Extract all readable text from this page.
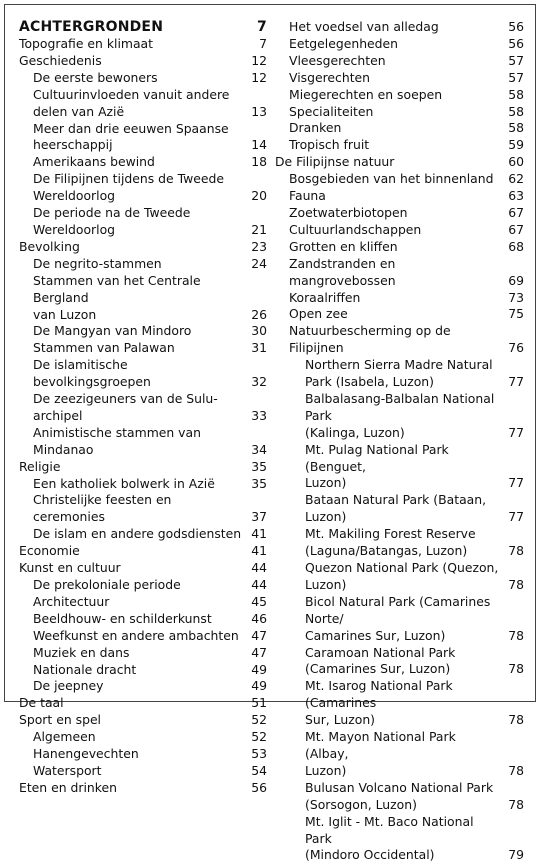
ACHTERGRONDEN	7
Topografie en klimaat	7
Geschiedenis	12
De eerste bewoners	12
Cultuurinvloeden vanuit andere
delen van Azië	13
Meer dan drie eeuwen Spaanse
heerschappij	14
Amerikaans bewind	18
De Filipijnen tijdens de Tweede
Wereldoorlog	20
De periode na de Tweede
Wereldoorlog	21
Bevolking	23
De negrito-stammen	24
Stammen van het Centrale Bergland
van Luzon	26
De Mangyan van Mindoro	30
Stammen van Palawan	31
De islamitische bevolkingsgroepen	32
De zeezigeuners van de Sulu-archipel	33
Animistische stammen van Mindanao	34
Religie	35
Een katholiek bolwerk in Azië	35
Christelijke feesten en ceremonies	37
De islam en andere godsdiensten 41
Economie	41
Kunst en cultuur	44
De prekoloniale periode	44
Architectuur	45
Beeldhouw- en schilderkunst	46
Weefkunst en andere ambachten	47
Muziek en dans	47
Nationale dracht	49
De jeepney	49
De taal	51
Sport en spel	52
Algemeen	52
Hanengevechten	53
Watersport	54
Eten en drinken	56
Het voedsel van alledag	56
Eetgelegenheden	56
Vleesgerechten	57
Visgerechten	57
Miegerechten en soepen	58
Specialiteiten	58
Dranken	58
Tropisch fruit	59
De Filipijnse natuur	60
Bosgebieden van het binnenland	62
Fauna	63
Zoetwaterbiotopen	67
Cultuurlandschappen	67
Grotten en kliffen	68
Zandstranden en mangrovebossen	69
Koraalriffen	73
Open zee	75
Natuurbescherming op de Filipijnen	76
Northern Sierra Madre Natural
Park (Isabela, Luzon)	77
Balbalasang-Balbalan National Park
(Kalinga, Luzon)	77
Mt. Pulag National Park (Benguet,
Luzon)	77
Bataan Natural Park (Bataan, Luzon)	77
Mt. Makiling Forest Reserve
(Laguna/Batangas, Luzon)	78
Quezon National Park (Quezon,
Luzon)	78
Bicol Natural Park (Camarines Norte/
Camarines Sur, Luzon)	78
Caramoan National Park
(Camarines Sur, Luzon)	78
Mt. Isarog National Park (Camarines
Sur, Luzon)	78
Mt. Mayon National Park (Albay,
Luzon)	78
Bulusan Volcano National Park
(Sorsogon, Luzon)	78
Mt. Iglit - Mt. Baco National Park
(Mindoro Occidental)	79
